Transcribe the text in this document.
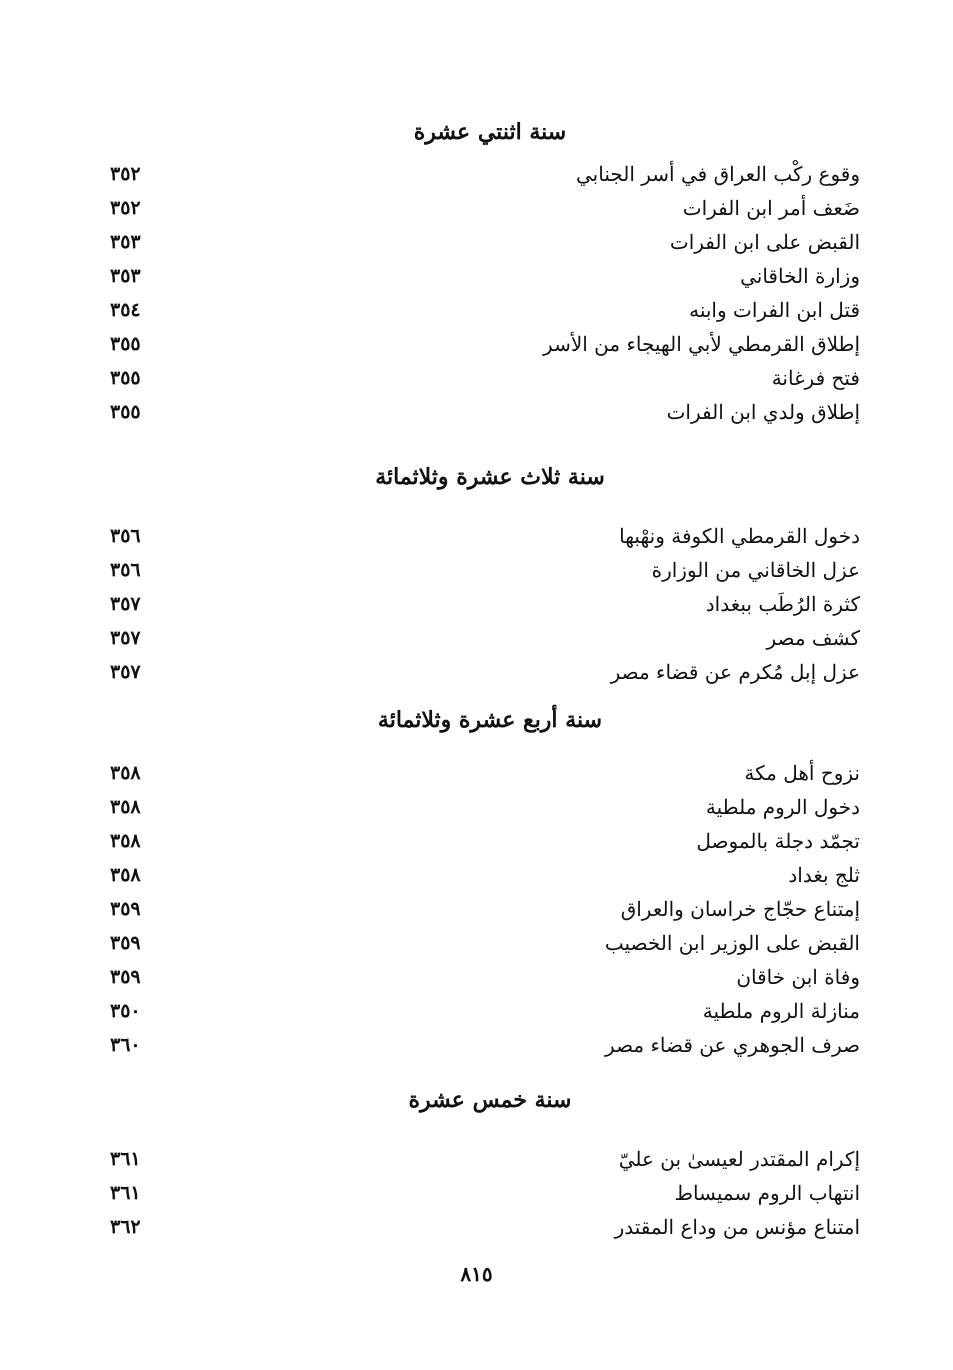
سنة اثنتي عشرة
وقوع ركْب العراق في أسر الجنابي
٣٥٢
ضَعف أمر ابن الفرات
٣٥٢
القبض على ابن الفرات
٣٥٣
وزارة الخاقاني
٣٥٣
قتل ابن الفرات وابنه
٣٥٤
إطلاق القرمطي لأبي الهيجاء من الأسر
٣٥٥
فتح فرغانة
٣٥٥
إطلاق ولدي ابن الفرات
٣٥٥
سنة ثلاث عشرة وثلاثمائة
دخول القرمطي الكوفة ونهْبها
٣٥٦
عزل الخاقاني من الوزارة
٣٥٦
كثرة الرُطَب ببغداد
٣٥٧
كشف مصر
٣٥٧
عزل إبل مُكرم عن قضاء مصر
٣٥٧
سنة أربع عشرة وثلاثمائة
نزوح أهل مكة
٣٥٨
دخول الروم ملطية
٣٥٨
تجمّد دجلة بالموصل
٣٥٨
ثلج بغداد
٣٥٨
إمتناع حجّاج خراسان والعراق
٣٥٩
القبض على الوزير ابن الخصيب
٣٥٩
وفاة ابن خاقان
٣٥٩
منازلة الروم ملطية
٣٥٠
صرف الجوهري عن قضاء مصر
٣٦٠
سنة خمس عشرة
إكرام المقتدر لعيسىٰ بن عليّ
٣٦١
انتهاب الروم سميساط
٣٦١
امتناع مؤنس من وداع المقتدر
٣٦٢
٨١٥
